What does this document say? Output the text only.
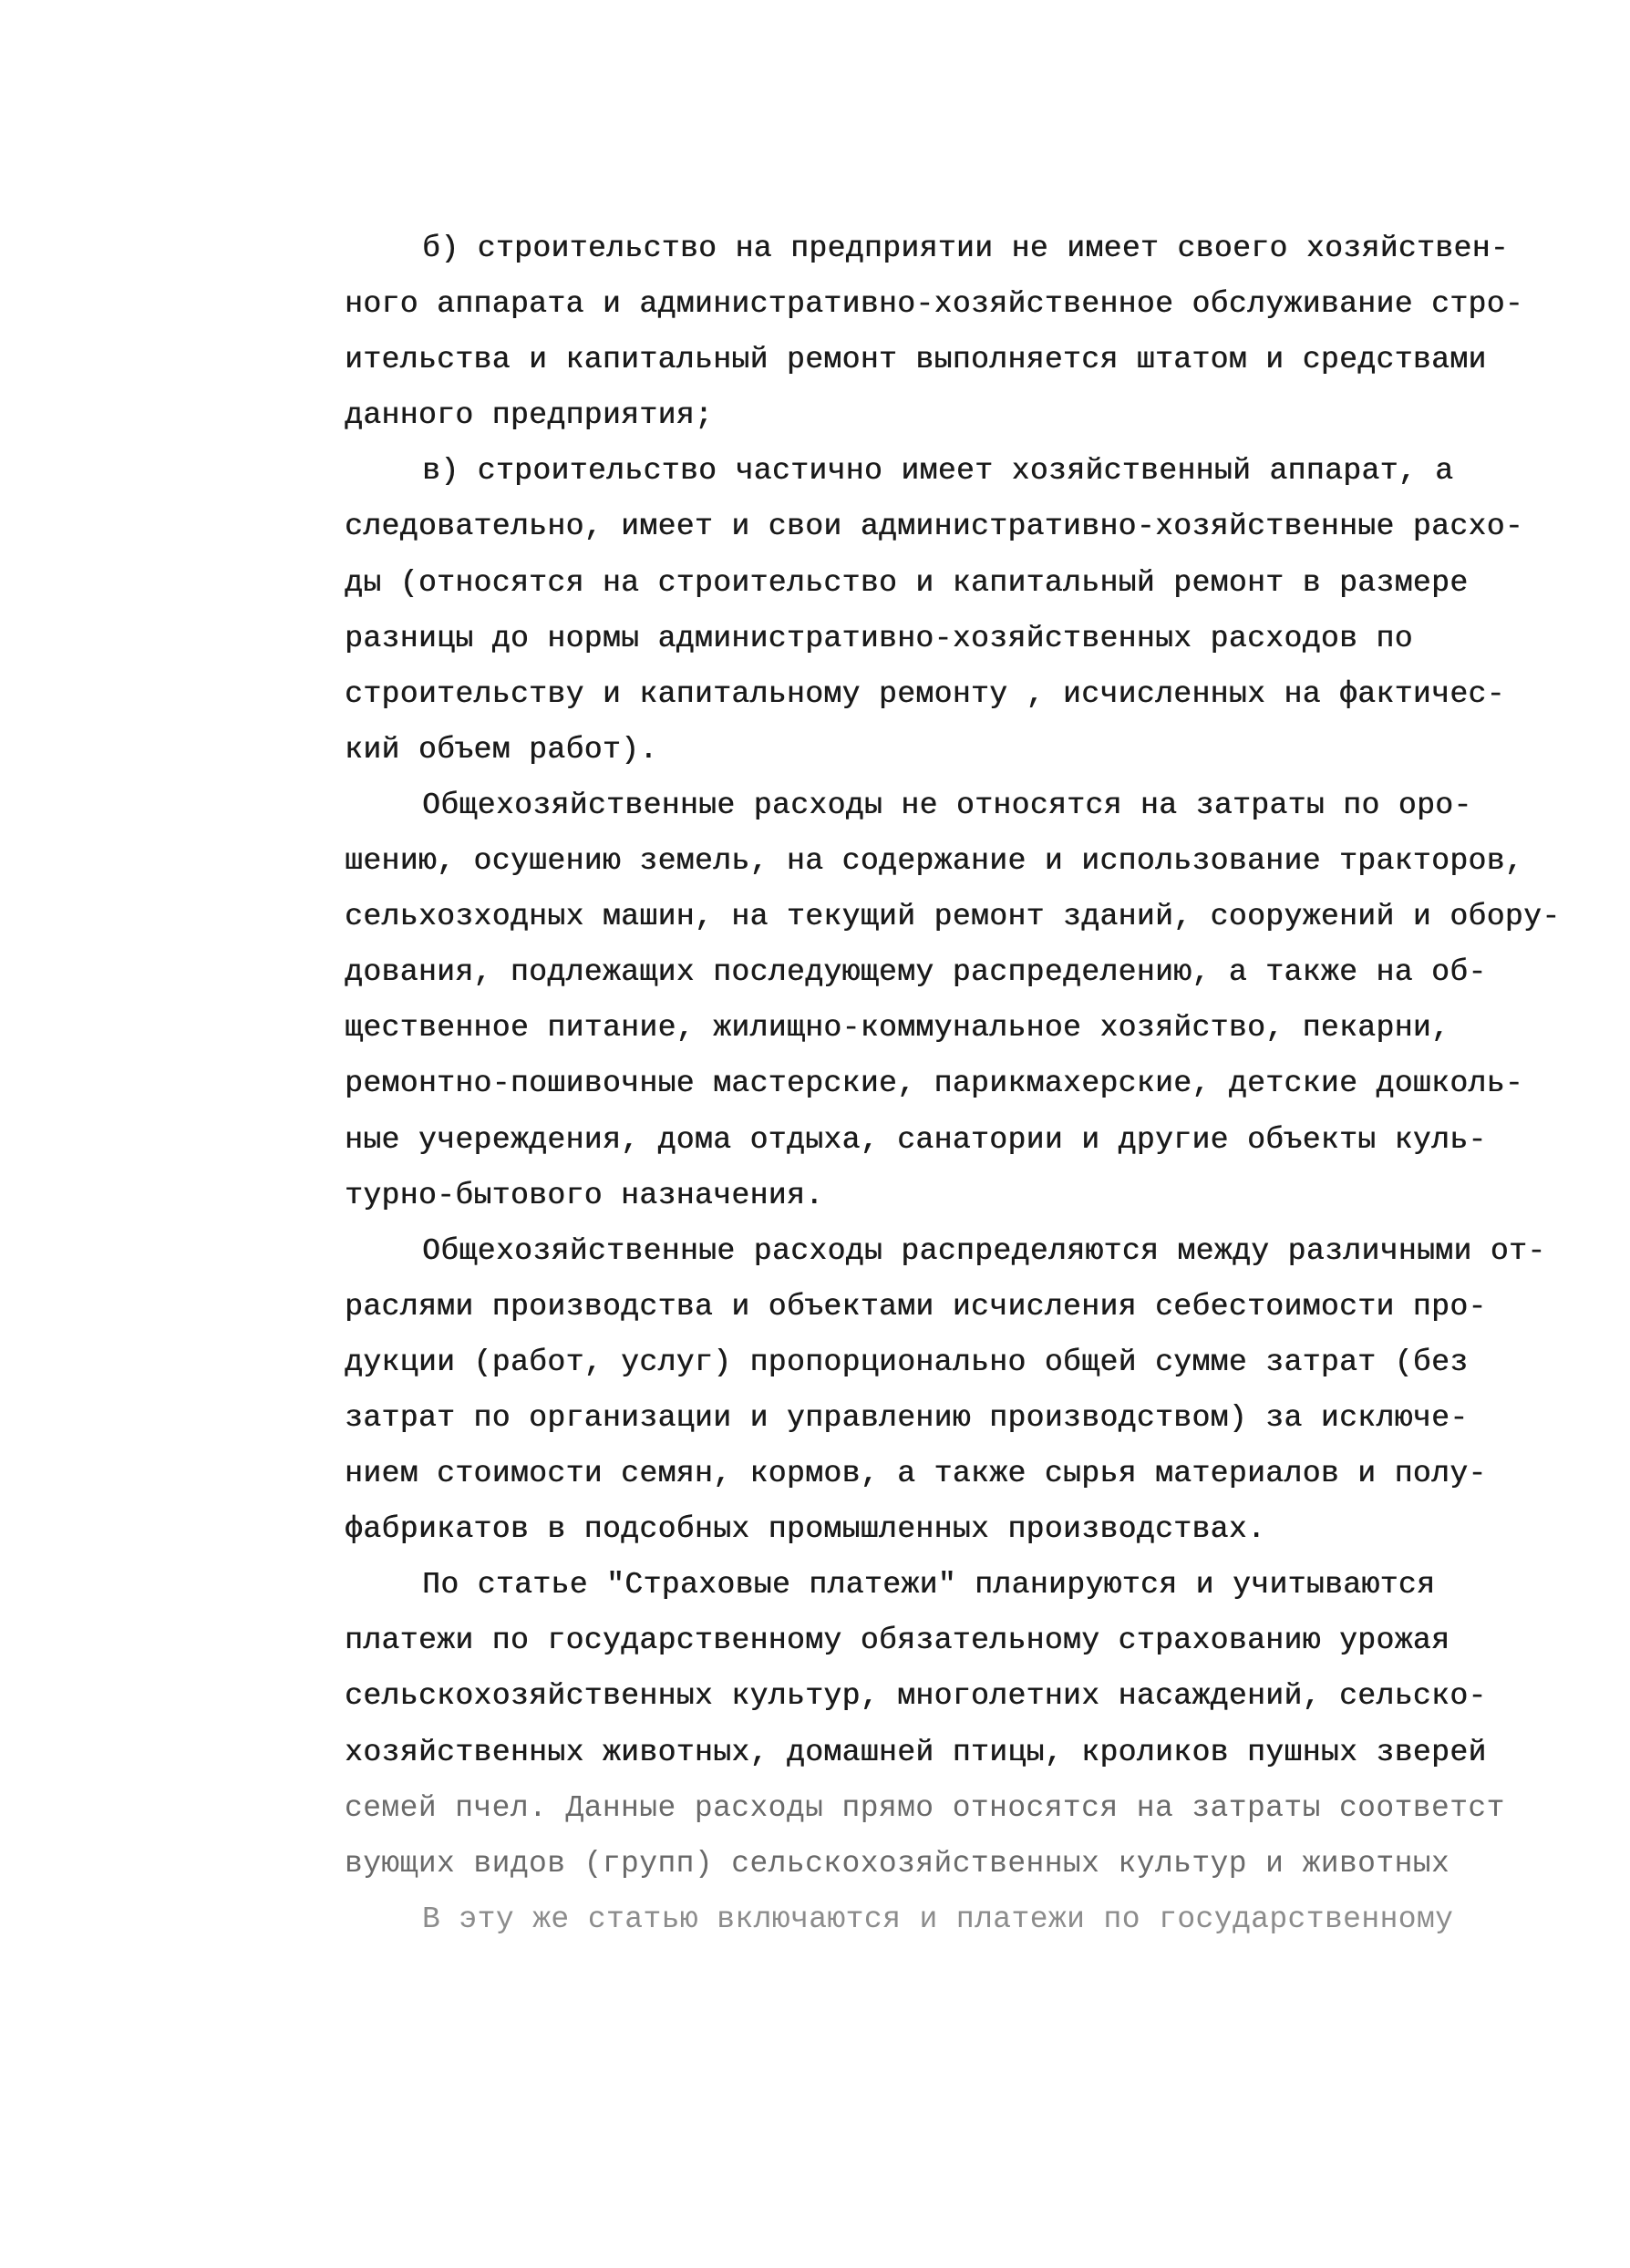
б) строительство на предприятии не имеет своего хозяйствен-
ного аппарата и административно-хозяйственное обслуживание стро-
ительства и капитальный ремонт выполняется штатом и средствами
данного предприятия;
в) строительство частично имеет хозяйственный аппарат, а
следовательно, имеет и свои административно-хозяйственные расхо-
ды (относятся на строительство и капитальный ремонт в размере
разницы до нормы административно-хозяйственных расходов по
строительству и капитальному ремонту , исчисленных на фактичес-
кий объем работ).
Общехозяйственные расходы не относятся на затраты по оро-
шению, осушению земель, на содержание и использование тракторов,
сельхозходных машин, на текущий ремонт зданий, сооружений и обору-
дования, подлежащих последующему распределению, а также на об-
щественное питание, жилищно-коммунальное хозяйство, пекарни,
ремонтно-пошивочные мастерские, парикмахерские, детские дошколь-
ные учереждения, дома отдыха, санатории и другие объекты куль-
турно-бытового назначения.
Общехозяйственные расходы распределяются между различными от-
раслями производства и объектами исчисления себестоимости про-
дукции (работ, услуг) пропорционально общей сумме затрат (без
затрат по организации и управлению производством) за исключе-
нием стоимости семян, кормов, а также сырья материалов и полу-
фабрикатов в подсобных промышленных производствах.
По статье "Страховые платежи" планируются и учитываются
платежи по государственному обязательному страхованию урожая
сельскохозяйственных культур, многолетних насаждений, сельско-
хозяйственных животных, домашней птицы, кроликов пушных зверей
семей пчел. Данные расходы прямо относятся на затраты соответст
вующих видов (групп) сельскохозяйственных культур и животных
В эту же статью включаются и платежи по государственному
